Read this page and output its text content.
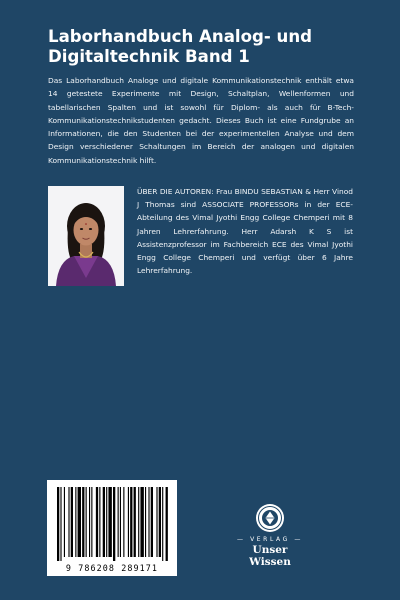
Laborhandbuch Analog- und Digitaltechnik Band 1

Das Laborhandbuch Analoge und digitale Kommunikationstechnik enthält etwa 14 getestete Experimente mit Design, Schaltplan, Wellenformen und tabellarischen Spalten und ist sowohl für Diplom- als auch für B-Tech-Kommunikationstechnikstudenten gedacht. Dieses Buch ist eine Fundgrube an Informationen, die den Studenten bei der experimentellen Analyse und dem Design verschiedener Schaltungen im Bereich der analogen und digitalen Kommunikationstechnik hilft.

ÜBER DIE AUTOREN: Frau BINDU SEBASTIAN & Herr Vinod J Thomas sind ASSOCIATE PROFESSORs in der ECE-Abteilung des Vimal Jyothi Engg College Chemperi mit 8 Jahren Lehrerfahrung. Herr Adarsh K S ist Assistenzprofessor im Fachbereich ECE des Vimal Jyothi Engg College Chemperi und verfügt über 6 Jahre Lehrerfahrung.

9 786208 289171

— VERLAG —
Unser Wissen
